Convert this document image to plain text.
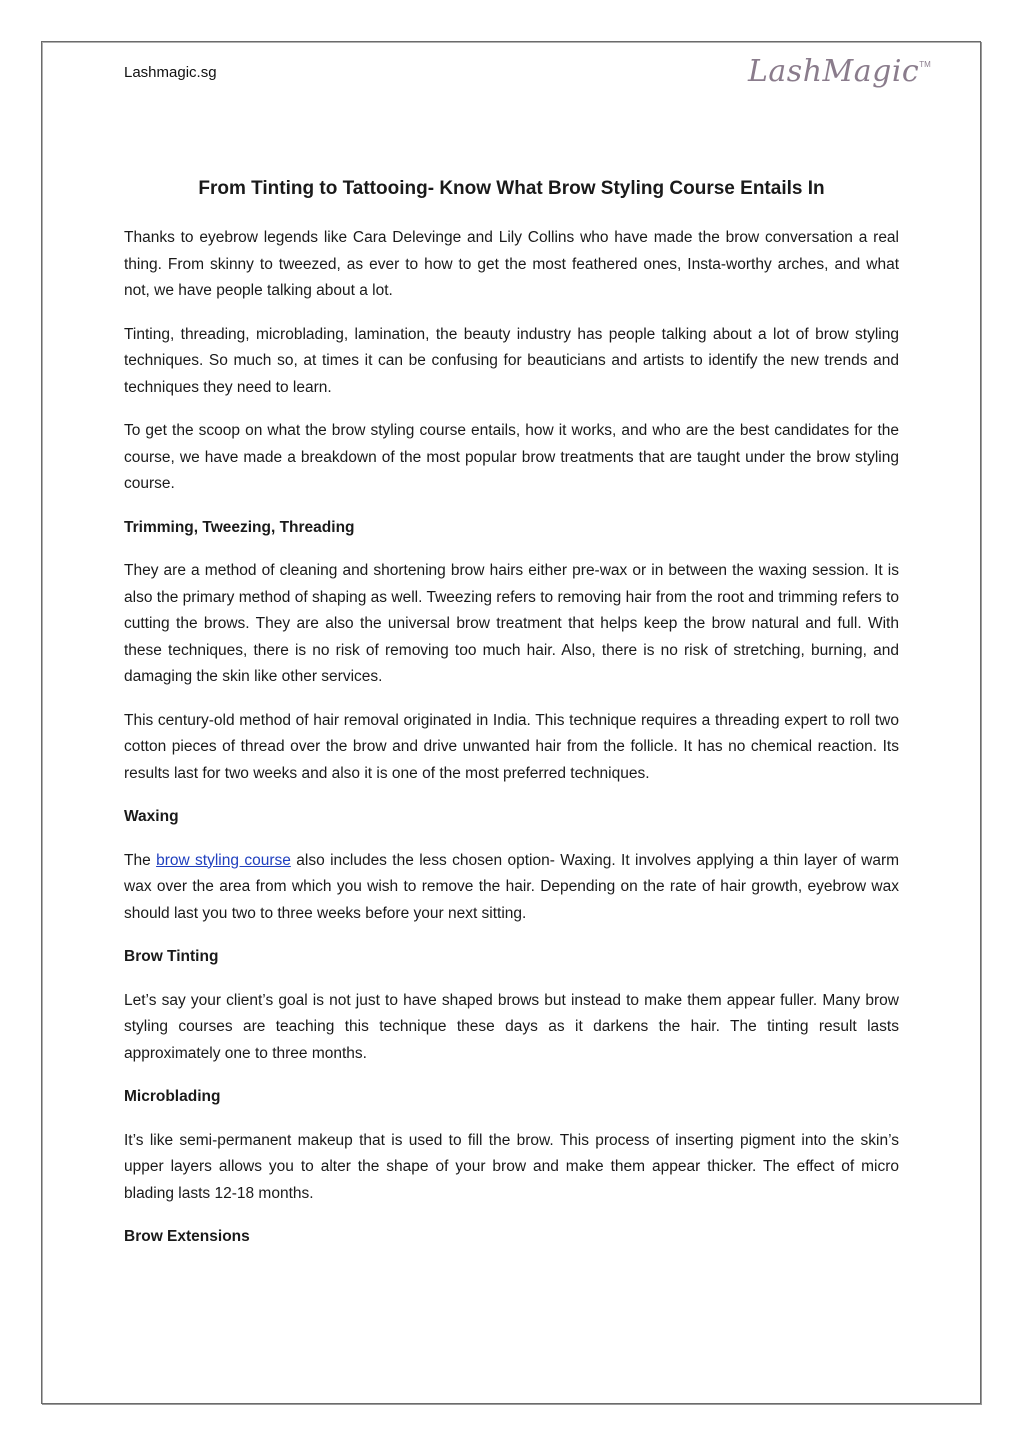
Lashmagic.sg	LashMagicTM
From Tinting to Tattooing- Know What Brow Styling Course Entails In

Thanks to eyebrow legends like Cara Delevinge and Lily Collins who have made the brow conversation a real thing. From skinny to tweezed, as ever to how to get the most feathered ones, Insta-worthy arches, and what not, we have people talking about a lot.

Tinting, threading, microblading, lamination, the beauty industry has people talking about a lot of brow styling techniques. So much so, at times it can be confusing for beauticians and artists to identify the new trends and techniques they need to learn.

To get the scoop on what the brow styling course entails, how it works, and who are the best candidates for the course, we have made a breakdown of the most popular brow treatments that are taught under the brow styling course.

Trimming, Tweezing, Threading

They are a method of cleaning and shortening brow hairs either pre-wax or in between the waxing session. It is also the primary method of shaping as well. Tweezing refers to removing hair from the root and trimming refers to cutting the brows. They are also the universal brow treatment that helps keep the brow natural and full. With these techniques, there is no risk of removing too much hair. Also, there is no risk of stretching, burning, and damaging the skin like other services.

This century-old method of hair removal originated in India. This technique requires a threading expert to roll two cotton pieces of thread over the brow and drive unwanted hair from the follicle. It has no chemical reaction. Its results last for two weeks and also it is one of the most preferred techniques.

Waxing

The brow styling course also includes the less chosen option- Waxing. It involves applying a thin layer of warm wax over the area from which you wish to remove the hair. Depending on the rate of hair growth, eyebrow wax should last you two to three weeks before your next sitting.

Brow Tinting

Let’s say your client’s goal is not just to have shaped brows but instead to make them appear fuller. Many brow styling courses are teaching this technique these days as it darkens the hair. The tinting result lasts approximately one to three months.

Microblading

It’s like semi-permanent makeup that is used to fill the brow. This process of inserting pigment into the skin’s upper layers allows you to alter the shape of your brow and make them appear thicker. The effect of micro blading lasts 12-18 months.

Brow Extensions
